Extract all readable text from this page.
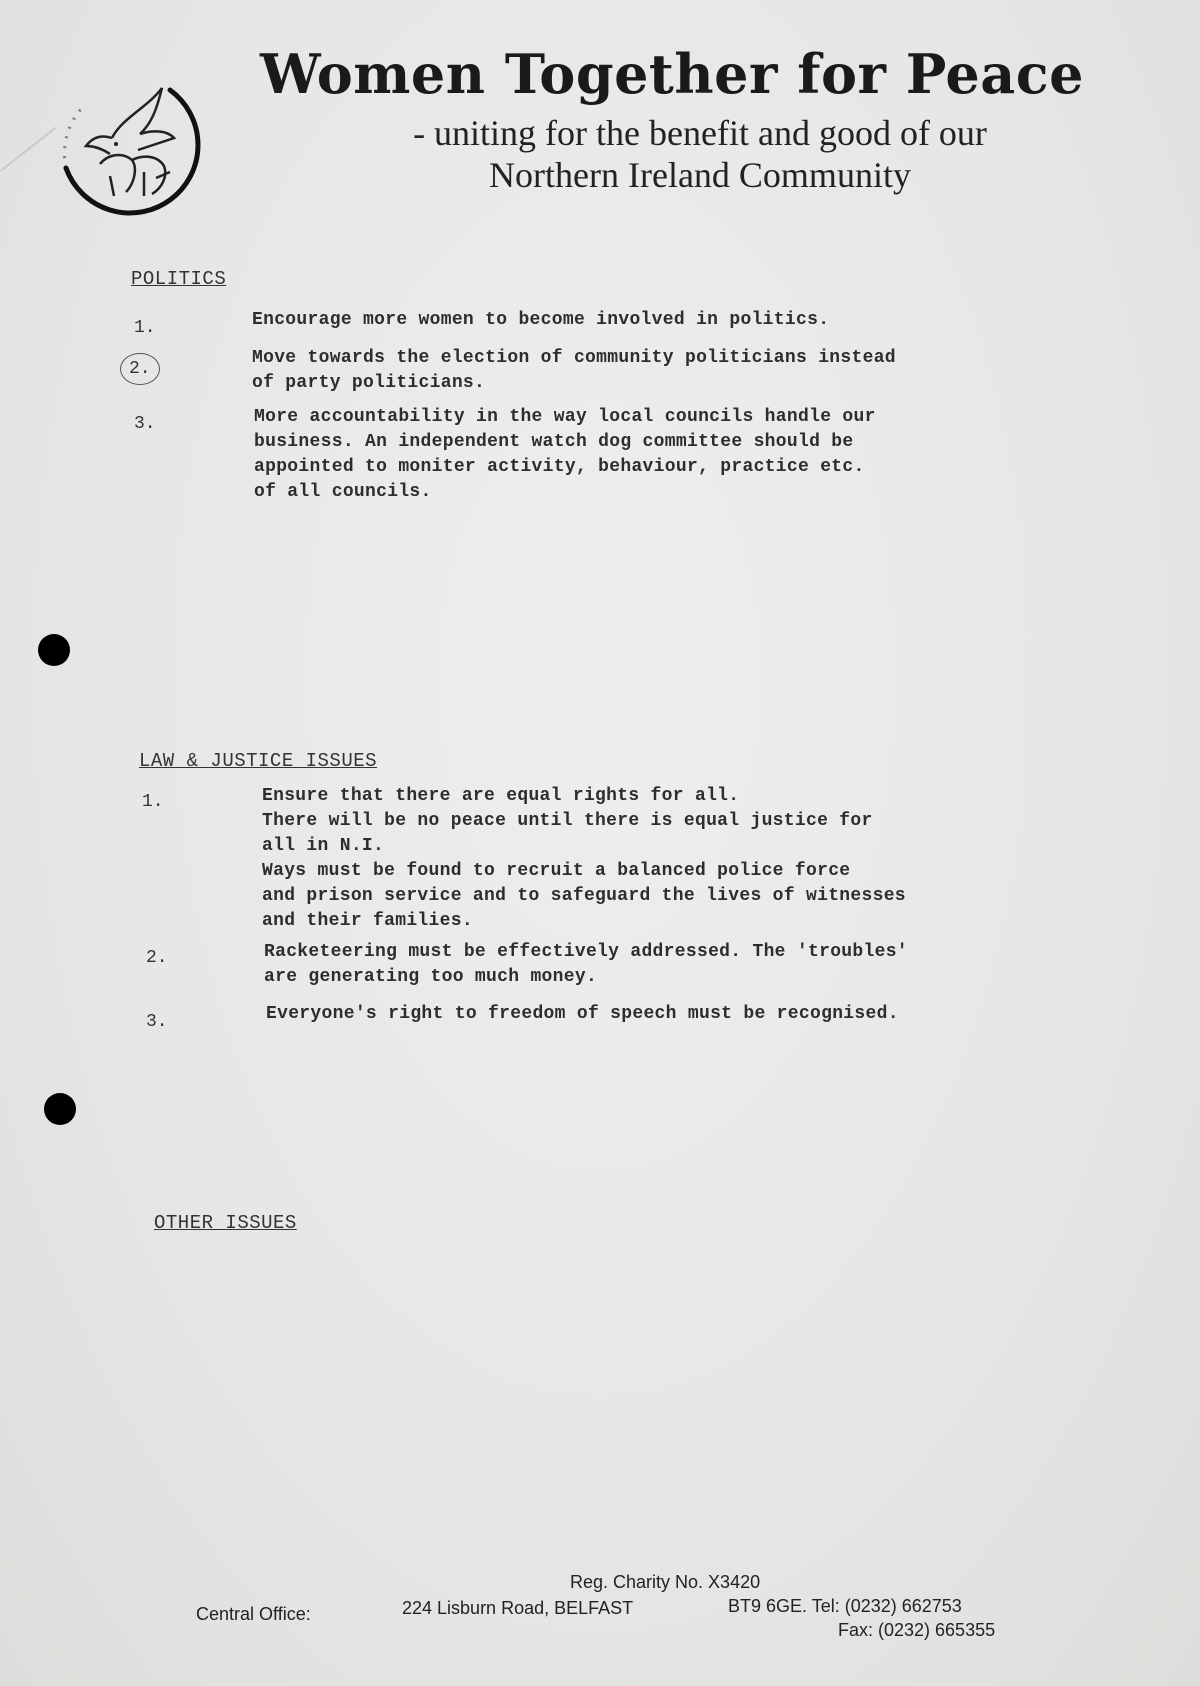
Women Together for Peace
- uniting for the benefit and good of our
Northern Ireland Community
POLITICS
1.	Encourage more women to become involved in politics.
2.
Move towards the election of community politicians instead
of party politicians.
3.	More accountability in the way local councils handle our
business. An independent watch dog committee should be
appointed to moniter activity, behaviour, practice etc.
of all councils.
LAW & JUSTICE ISSUES
1.	Ensure that there are equal rights for all.
There will be no peace until there is equal justice for
all in N.I.
Ways must be found to recruit a balanced police force
and prison service and to safeguard the lives of witnesses
and their families.
2.	Racketeering must be effectively addressed. The 'troubles'
are generating too much money.
3.	Everyone's right to freedom of speech must be recognised.
OTHER ISSUES
Reg. Charity No. X3420
Central Office:	224 Lisburn Road, BELFAST	BT9 6GE. Tel: (0232) 662753
Fax: (0232) 665355
